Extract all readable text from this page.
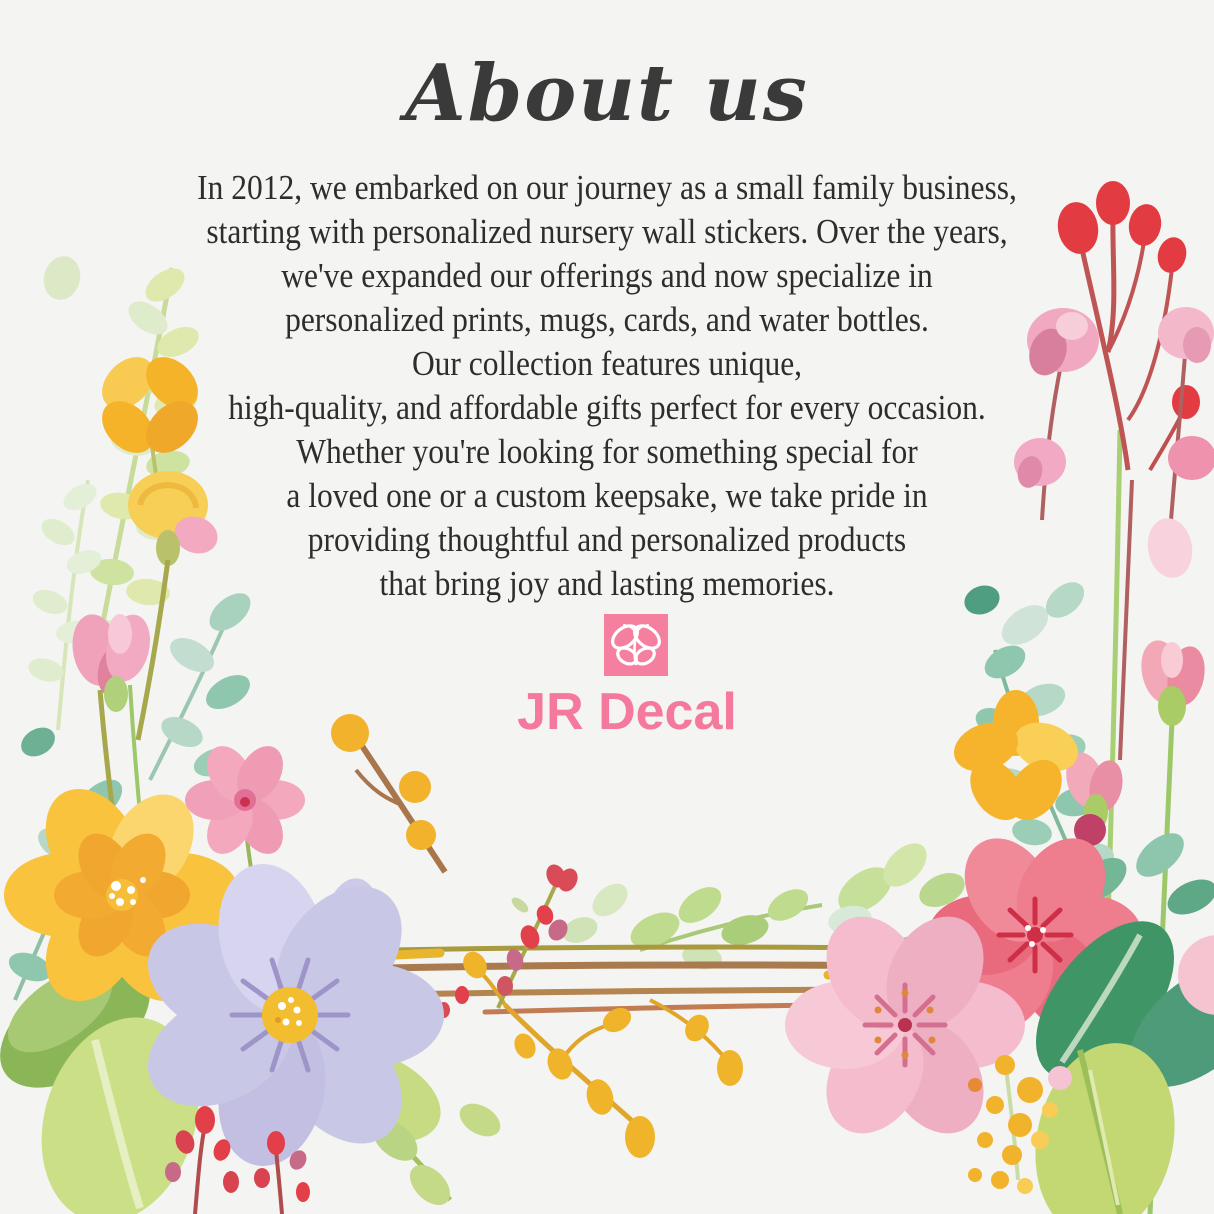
About us
In 2012, we embarked on our journey as a small family business,
starting with personalized nursery wall stickers. Over the years,
we've expanded our offerings and now specialize in
personalized prints, mugs, cards, and water bottles.
Our collection features unique,
high-quality, and affordable gifts perfect for every occasion.
Whether you're looking for something special for
a loved one or a custom keepsake, we take pride in
providing thoughtful and personalized products
that bring joy and lasting memories.
JR Decal
